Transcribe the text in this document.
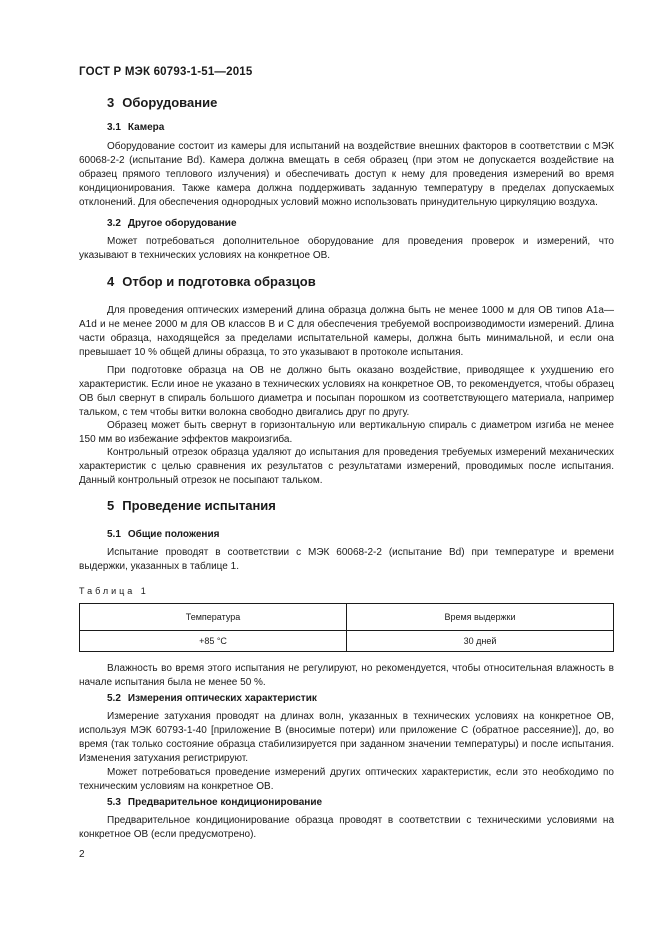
ГОСТ Р МЭК 60793-1-51—2015
3 Оборудование
3.1 Камера

Оборудование состоит из камеры для испытаний на воздействие внешних факторов в соответствии с МЭК 60068-2-2 (испытание Bd). Камера должна вмещать в себя образец (при этом не допускается воздействие на образец прямого теплового излучения) и обеспечивать доступ к нему для проведения измерений во время кондиционирования. Также камера должна поддерживать заданную температуру в пределах допускаемых отклонений. Для обеспечения однородных условий можно использовать принудительную циркуляцию воздуха.

3.2 Другое оборудование

Может потребоваться дополнительное оборудование для проведения проверок и измерений, что указывают в технических условиях на конкретное ОВ.

4 Отбор и подготовка образцов

Для проведения оптических измерений длина образца должна быть не менее 1000 м для ОВ типов А1а—А1d и не менее 2000 м для ОВ классов В и С для обеспечения требуемой воспроизводимости измерений. Длина части образца, находящейся за пределами испытательной камеры, должна быть минимальной, и если она превышает 10 % общей длины образца, то это указывают в протоколе испытания.

При подготовке образца на ОВ не должно быть оказано воздействие, приводящее к ухудшению его характеристик. Если иное не указано в технических условиях на конкретное ОВ, то рекомендуется, чтобы образец ОВ был свернут в спираль большого диаметра и посыпан порошком из соответствующего материала, например тальком, с тем чтобы витки волокна свободно двигались друг по другу.

Образец может быть свернут в горизонтальную или вертикальную спираль с диаметром изгиба не менее 150 мм во избежание эффектов макроизгиба.

Контрольный отрезок образца удаляют до испытания для проведения требуемых измерений механических характеристик с целью сравнения их результатов с результатами измерений, проводимых после испытания. Данный контрольный отрезок не посыпают тальком.

5 Проведение испытания
5.1 Общие положения

Испытание проводят в соответствии с МЭК 60068-2-2 (испытание Bd) при температуре и времени выдержки, указанных в таблице 1.

Таблица 1
Температура	Время выдержки
+85 °С	30 дней

Влажность во время этого испытания не регулируют, но рекомендуется, чтобы относительная влажность в начале испытания была не менее 50 %.

5.2 Измерения оптических характеристик

Измерение затухания проводят на длинах волн, указанных в технических условиях на конкретное ОВ, используя МЭК 60793-1-40 [приложение В (вносимые потери) или приложение С (обратное рассеяние)], до, во время (так только состояние образца стабилизируется при заданном значении температуры) и после испытания. Изменения затухания регистрируют.

Может потребоваться проведение измерений других оптических характеристик, если это необходимо по техническим условиям на конкретное ОВ.

5.3 Предварительное кондиционирование

Предварительное кондиционирование образца проводят в соответствии с техническими условиями на конкретное ОВ (если предусмотрено).

2
